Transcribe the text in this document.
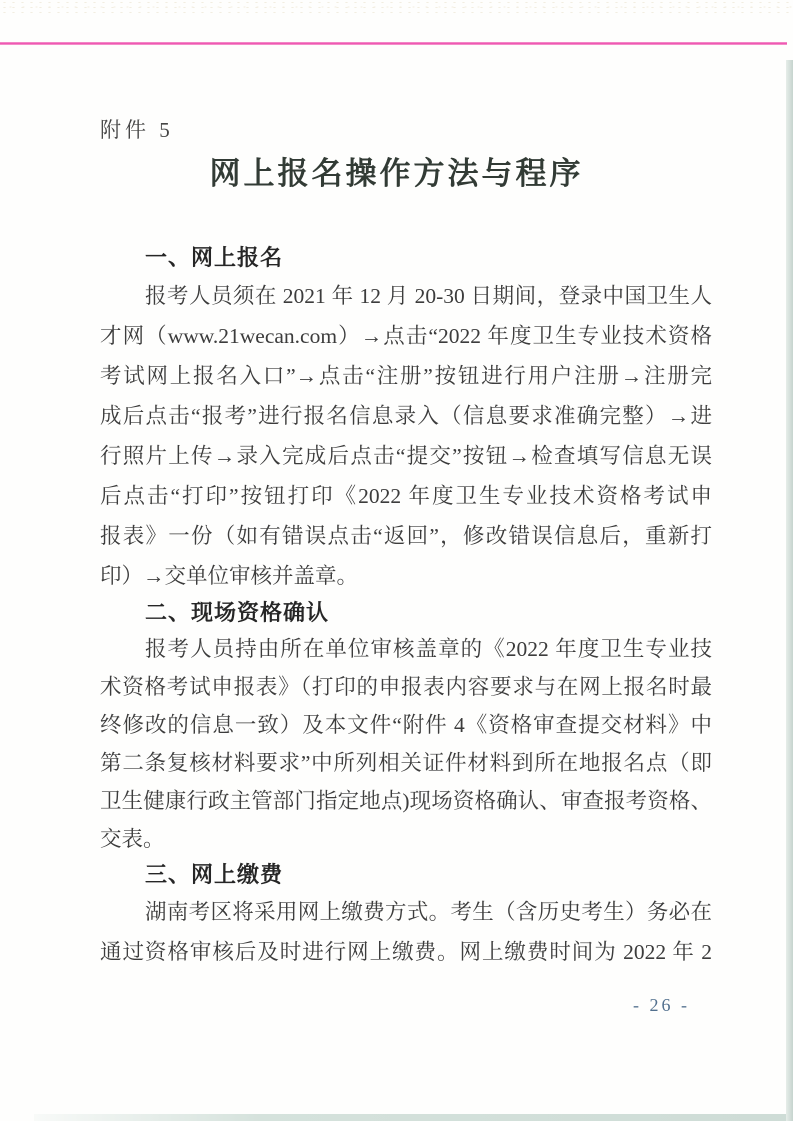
附件 5
网上报名操作方法与程序
一、网上报名
报考人员须在 2021 年 12 月 20-30 日期间，登录中国卫生人
才网（www.21wecan.com）→点击“2022 年度卫生专业技术资格
考试网上报名入口”→点击“注册”按钮进行用户注册→注册完
成后点击“报考”进行报名信息录入（信息要求准确完整）→进
行照片上传→录入完成后点击“提交”按钮→检查填写信息无误
后点击“打印”按钮打印《2022 年度卫生专业技术资格考试申
报表》一份（如有错误点击“返回”，修改错误信息后，重新打
印）→交单位审核并盖章。
二、现场资格确认
报考人员持由所在单位审核盖章的《2022 年度卫生专业技
术资格考试申报表》（打印的申报表内容要求与在网上报名时最
终修改的信息一致）及本文件“附件 4《资格审查提交材料》中
第二条复核材料要求”中所列相关证件材料到所在地报名点（即
卫生健康行政主管部门指定地点)现场资格确认、审查报考资格、
交表。
三、网上缴费
湖南考区将采用网上缴费方式。考生（含历史考生）务必在
通过资格审核后及时进行网上缴费。网上缴费时间为 2022 年 2
- 26 -
